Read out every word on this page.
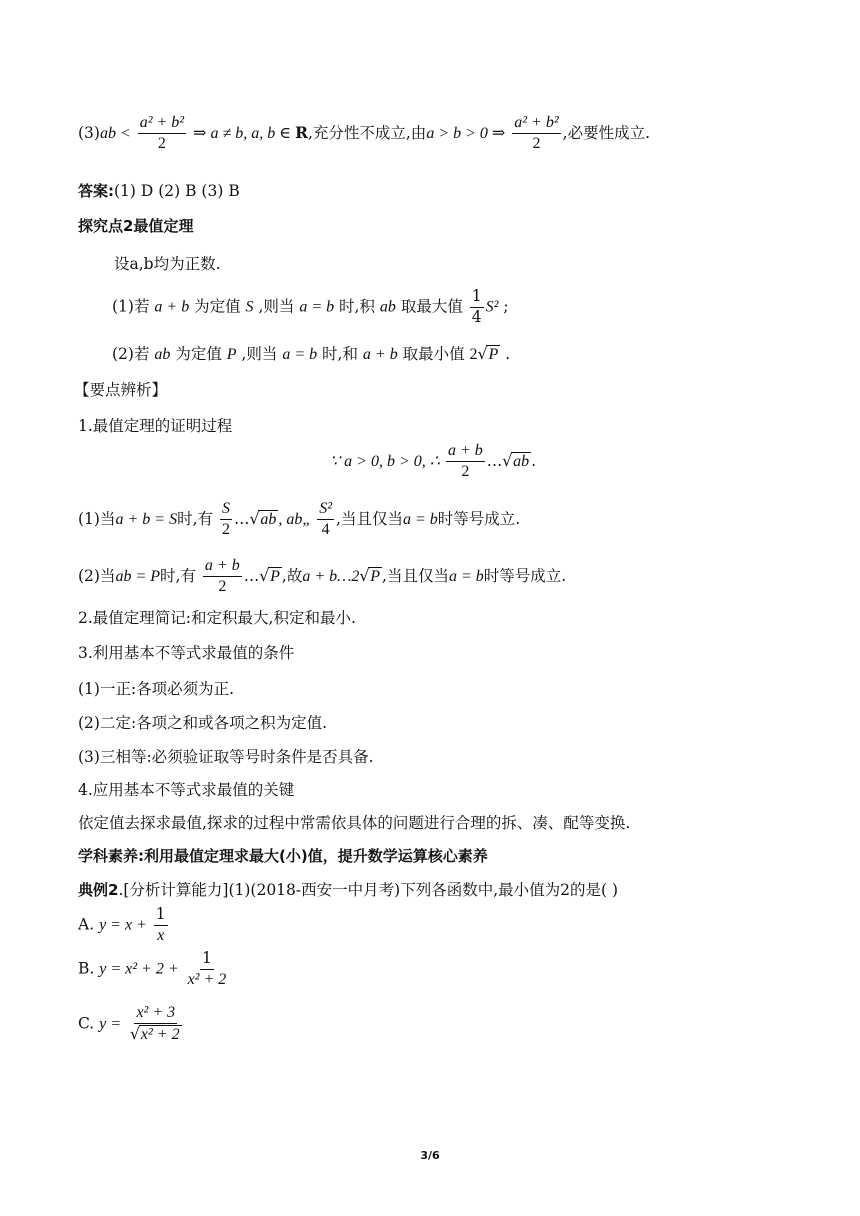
$(3)ab < \frac{\text{a² + b²}}{2}$ ⇒ a ≠ b, a, b ∈ R,充分性不成立,由a > b > 0 ⇒ $\frac{\text{a² + b²}}{2}$ ,必要性成立.
答案:(1) D (2) B (3) B
探究点2最值定理
设a,b均为正数.
(1)若 a + b 为定值 S ,则当 a = b 时,积 ab 取最大值 $\frac{1}{4} S^2$ ;
(2)若 ab 为定值 P ,则当 a = b 时,和 a + b 取最小值 2√P .
【要点辨析】
1.最值定理的证明过程
∵ a > 0, b > 0, ∴ $\frac{a + b}{2}$ …√ab .
(1)当a + b = S时,有 $\frac{S}{2}$ …√ab , ab„ $\frac{\text{S²}}{4}$ ,当且仅当a = b时等号成立.
(2)当ab = P时,有 $\frac{a + b}{2}$ …√P ,故a + b…2√P ,当且仅当a = b时等号成立.
2.最值定理简记:和定积最大,积定和最小.
3.利用基本不等式求最值的条件
(1)一正:各项必须为正.
(2)二定:各项之和或各项之积为定值.
(3)三相等:必须验证取等号时条件是否具备.
4.应用基本不等式求最值的关键
依定值去探求最值,探求的过程中常需依具体的问题进行合理的拆、凑、配等变换.
学科素养:利用最值定理求最大(小)值，提升数学运算核心素养
典例2.[分析计算能力](1)(2018-西安一中月考)下列各函数中,最小值为2的是( )
A. $y = x + \frac{1}{x}$
B. $y = x^2 + 2 + \frac{1}{\text{x² + 2}}$
C. $y = \frac{\text{x² + 3}}{\text{√x² + 2}}$
3/6
